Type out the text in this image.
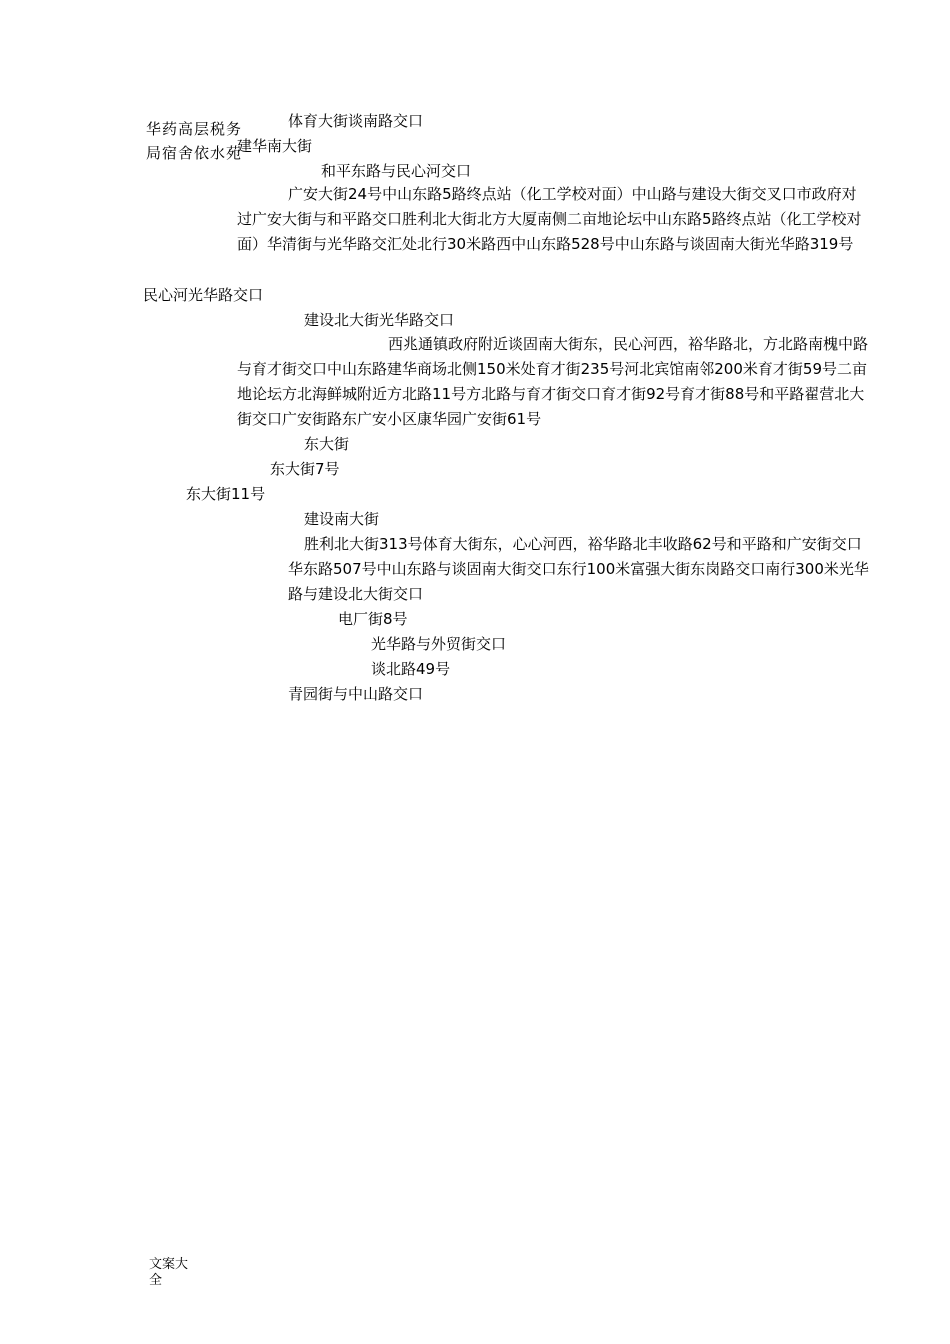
华药高层税务
局宿舍依水苑
体育大街谈南路交口
建华南大街
和平东路与民心河交口
广安大街24号中山东路5路终点站（化工学校对面）中山路与建设大街交叉口市政府对过广安大街与和平路交口胜利北大街北方大厦南侧二亩地论坛中山东路5路终点站（化工学校对面）华清街与光华路交汇处北行30米路西中山东路528号中山东路与谈固南大街光华路319号
民心河光华路交口
建设北大街光华路交口
西兆通镇政府附近谈固南大街东，民心河西，裕华路北，方北路南槐中路与育才街交口中山东路建华商场北侧150米处育才街235号河北宾馆南邻200米育才街59号二亩地论坛方北海鲜城附近方北路11号方北路与育才街交口育才街92号育才街88号和平路翟营北大街交口广安街路东广安小区康华园广安街61号
东大街
东大街7号
东大街11号
建设南大街
胜利北大街313号体育大街东，心心河西，裕华路北丰收路62号和平路和广安街交口华东路507号中山东路与谈固南大街交口东行100米富强大街东岗路交口南行300米光华路与建设北大街交口
电厂街8号
光华路与外贸街交口
谈北路49号
青园街与中山路交口
文案大
全
